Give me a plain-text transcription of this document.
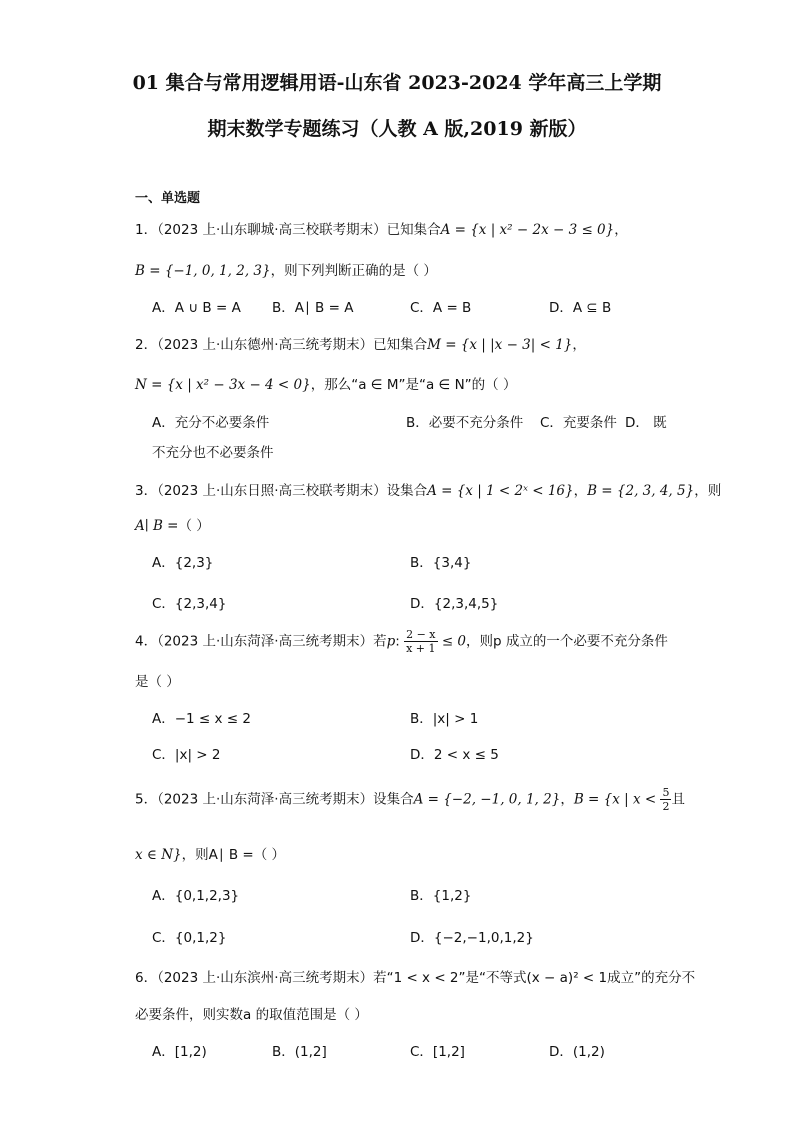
01 集合与常用逻辑用语-山东省 2023-2024 学年高三上学期
期末数学专题练习（人教 A 版,2019 新版）
一、单选题
1．（2023 上·山东聊城·高三校联考期末）已知集合A = {x | x² − 2x − 3 ≤ 0}，
B = {−1, 0, 1, 2, 3}，则下列判断正确的是（ ）
A．A ∪ B = A B．A∣ B = A	C．A = B	D．A ⊆ B
2．（2023 上·山东德州·高三统考期末）已知集合M = {x | |x − 3| < 1}，
N = {x | x² − 3x − 4 < 0}，那么“a ∈ M”是“a ∈ N”的（ ）
A．充分不必要条件	B．必要不充分条件 C．充要条件 D． 既
不充分也不必要条件
3．（2023 上·山东日照·高三校联考期末）设集合A = {x | 1 < 2ˣ < 16}，B = {2, 3, 4, 5}，则
A∣ B =（ ）
A．{2,3}	B．{3,4}
C．{2,3,4}	D．{2,3,4,5}
4．（2023 上·山东菏泽·高三统考期末）若p: $\frac{2 - x}{x + 1} \le 0$，则p 成立的一个必要不充分条件
是（ ）
A．−1 ≤ x ≤ 2	B．|x| > 1
C．|x| > 2	D．2 < x ≤ 5
5．（2023 上·山东菏泽·高三统考期末）设集合A = {−2, −1, 0, 1, 2}，B = {x | $x < \frac{5}{2}$ 且
x ∈ N}，则A∣ B =（ ）
A．{0,1,2,3}	B．{1,2}
C．{0,1,2}	D．{−2,−1,0,1,2}
6．（2023 上·山东滨州·高三统考期末）若“1 < x < 2”是“不等式(x − a)² < 1成立”的充分不
必要条件，则实数a 的取值范围是（ ）
A．[1,2)	B．(1,2]	C．[1,2]	D．(1,2)
